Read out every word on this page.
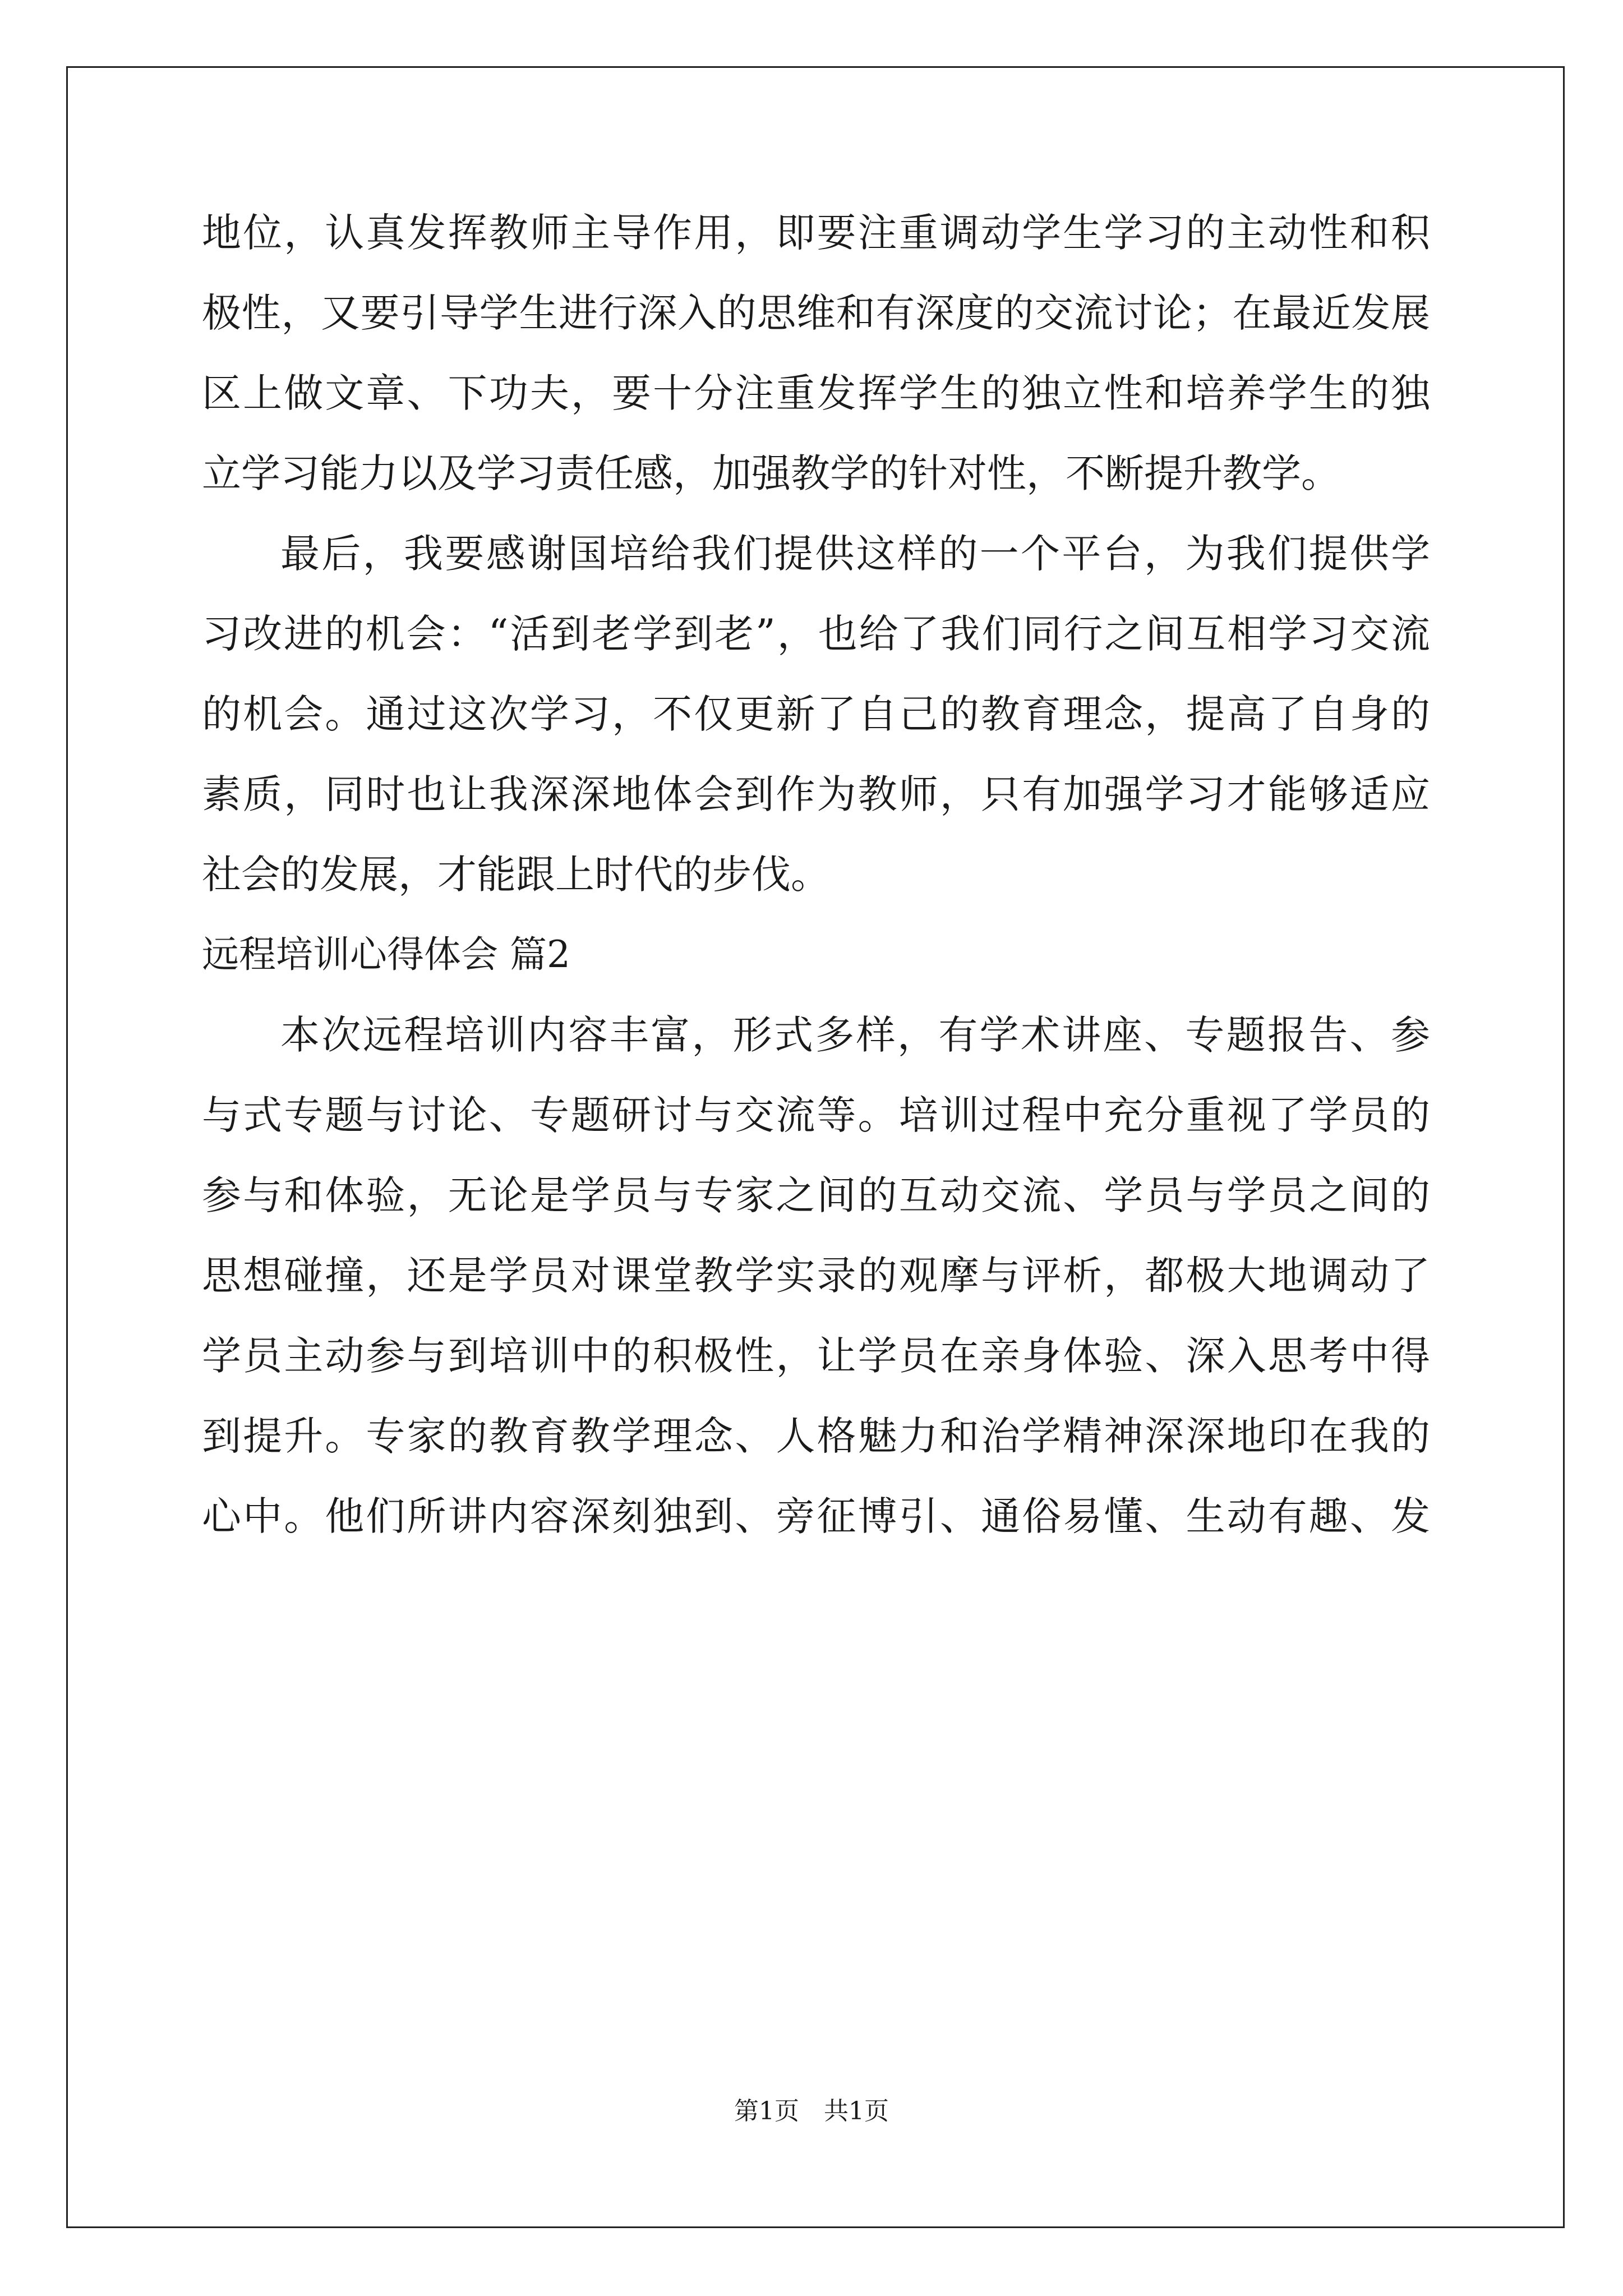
地位，认真发挥教师主导作用，即要注重调动学生学习的主动性和积
极性，又要引导学生进行深入的思维和有深度的交流讨论；在最近发展
区上做文章、下功夫，要十分注重发挥学生的独立性和培养学生的独
立学习能力以及学习责任感，加强教学的针对性，不断提升教学。
最后，我要感谢国培给我们提供这样的一个平台，为我们提供学
习改进的机会：“活到老学到老”，也给了我们同行之间互相学习交流
的机会。通过这次学习，不仅更新了自己的教育理念，提高了自身的
素质，同时也让我深深地体会到作为教师，只有加强学习才能够适应
社会的发展，才能跟上时代的步伐。
远程培训心得体会 篇2
本次远程培训内容丰富，形式多样，有学术讲座、专题报告、参
与式专题与讨论、专题研讨与交流等。培训过程中充分重视了学员的
参与和体验，无论是学员与专家之间的互动交流、学员与学员之间的
思想碰撞，还是学员对课堂教学实录的观摩与评析，都极大地调动了
学员主动参与到培训中的积极性，让学员在亲身体验、深入思考中得
到提升。专家的教育教学理念、人格魅力和治学精神深深地印在我的
心中。他们所讲内容深刻独到、旁征博引、通俗易懂、生动有趣、发
第1页　共1页
